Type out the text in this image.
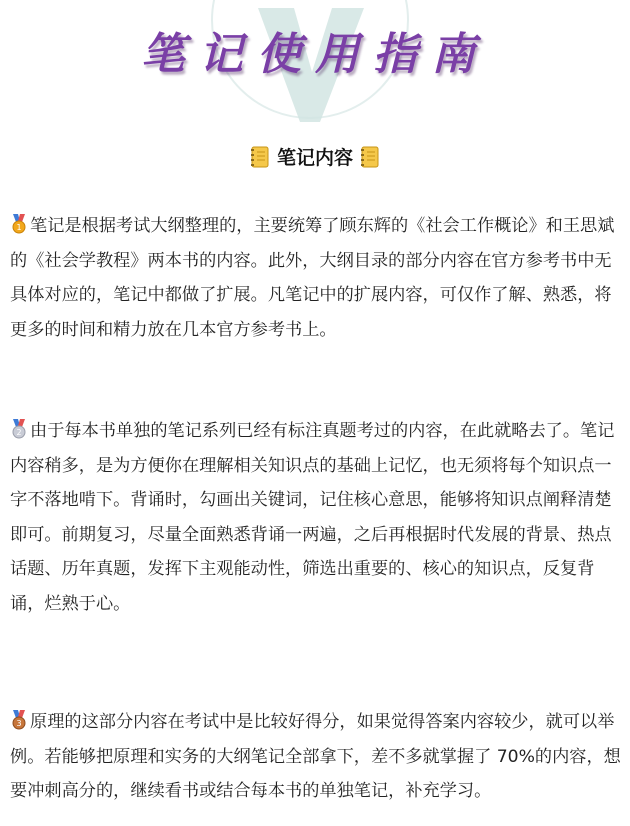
笔记使用指南
笔记内容

1 笔记是根据考试大纲整理的，主要统筹了顾东辉的《社会工作概论》和王思斌的《社会学教程》两本书的内容。此外，大纲目录的部分内容在官方参考书中无具体对应的，笔记中都做了扩展。凡笔记中的扩展内容，可仅作了解、熟悉，将更多的时间和精力放在几本官方参考书上。

2 由于每本书单独的笔记系列已经有标注真题考过的内容，在此就略去了。笔记内容稍多，是为方便你在理解相关知识点的基础上记忆，也无须将每个知识点一字不落地啃下。背诵时，勾画出关键词，记住核心意思，能够将知识点阐释清楚即可。前期复习，尽量全面熟悉背诵一两遍，之后再根据时代发展的背景、热点话题、历年真题，发挥下主观能动性，筛选出重要的、核心的知识点，反复背诵，烂熟于心。

3 原理的这部分内容在考试中是比较好得分，如果觉得答案内容较少，就可以举例。若能够把原理和实务的大纲笔记全部拿下，差不多就掌握了 70%的内容，想要冲刺高分的，继续看书或结合每本书的单独笔记，补充学习。
